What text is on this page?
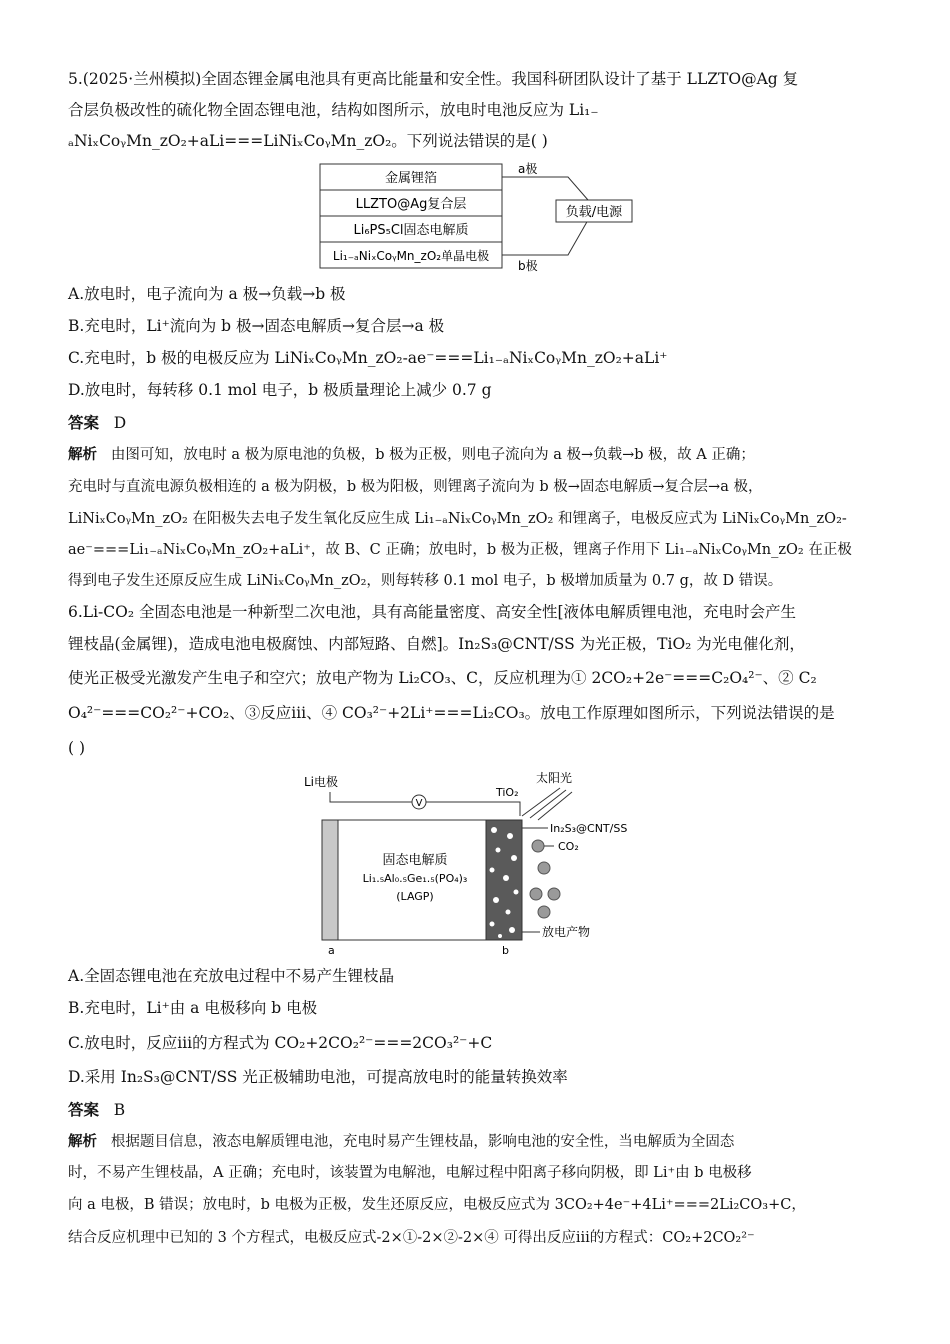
5.(2025·兰州模拟)全固态锂金属电池具有更高比能量和安全性。我国科研团队设计了基于 LLZTO@Ag 复
合层负极改性的硫化物全固态锂电池，结构如图所示，放电时电池反应为 Li₁₋
ₐNiₓCoᵧMn_zO₂+aLi===LiNiₓCoᵧMn_zO₂。下列说法错误的是( )
金属锂箔
LLZTO@Ag复合层
Li₆PS₅Cl固态电解质
Li₁₋ₐNiₓCoᵧMn_zO₂单晶电极
a极
b极
负载/电源
A.放电时，电子流向为 a 极→负载→b 极
B.充电时，Li⁺流向为 b 极→固态电解质→复合层→a 极
C.充电时，b 极的电极反应为 LiNiₓCoᵧMn_zO₂-ae⁻===Li₁₋ₐNiₓCoᵧMn_zO₂+aLi⁺
D.放电时，每转移 0.1 mol 电子，b 极质量理论上减少 0.7 g
答案 D
解析 由图可知，放电时 a 极为原电池的负极，b 极为正极，则电子流向为 a 极→负载→b 极，故 A 正确；
充电时与直流电源负极相连的 a 极为阴极，b 极为阳极，则锂离子流向为 b 极→固态电解质→复合层→a 极，
LiNiₓCoᵧMn_zO₂ 在阳极失去电子发生氧化反应生成 Li₁₋ₐNiₓCoᵧMn_zO₂ 和锂离子，电极反应式为 LiNiₓCoᵧMn_zO₂-
ae⁻===Li₁₋ₐNiₓCoᵧMn_zO₂+aLi⁺，故 B、C 正确；放电时，b 极为正极，锂离子作用下 Li₁₋ₐNiₓCoᵧMn_zO₂ 在正极
得到电子发生还原反应生成 LiNiₓCoᵧMn_zO₂，则每转移 0.1 mol 电子，b 极增加质量为 0.7 g，故 D 错误。
6.Li-CO₂ 全固态电池是一种新型二次电池，具有高能量密度、高安全性[液体电解质锂电池，充电时会产生
锂枝晶(金属锂)，造成电池电极腐蚀、内部短路、自燃]。In₂S₃@CNT/SS 为光正极，TiO₂ 为光电催化剂，
使光正极受光激发产生电子和空穴；放电产物为 Li₂CO₃、C，反应机理为① 2CO₂+2e⁻===C₂O₄²⁻、② C₂
O₄²⁻===CO₂²⁻+CO₂、③反应ⅲ、④ CO₃²⁻+2Li⁺===Li₂CO₃。放电工作原理如图所示，下列说法错误的是
( )
Li电极
V
固态电解质
Li₁.₅Al₀.₅Ge₁.₅(PO₄)₃
(LAGP)
TiO₂
太阳光
In₂S₃@CNT/SS
CO₂
放电产物
a	b
A.全固态锂电池在充放电过程中不易产生锂枝晶
B.充电时，Li⁺由 a 电极移向 b 电极
C.放电时，反应ⅲ的方程式为 CO₂+2CO₂²⁻===2CO₃²⁻+C
D.采用 In₂S₃@CNT/SS 光正极辅助电池，可提高放电时的能量转换效率
答案 B
解析 根据题目信息，液态电解质锂电池，充电时易产生锂枝晶，影响电池的安全性，当电解质为全固态
时，不易产生锂枝晶，A 正确；充电时，该装置为电解池，电解过程中阳离子移向阴极，即 Li⁺由 b 电极移
向 a 电极，B 错误；放电时，b 电极为正极，发生还原反应，电极反应式为 3CO₂+4e⁻+4Li⁺===2Li₂CO₃+C，
结合反应机理中已知的 3 个方程式，电极反应式-2×①-2×②-2×④ 可得出反应ⅲ的方程式：CO₂+2CO₂²⁻
